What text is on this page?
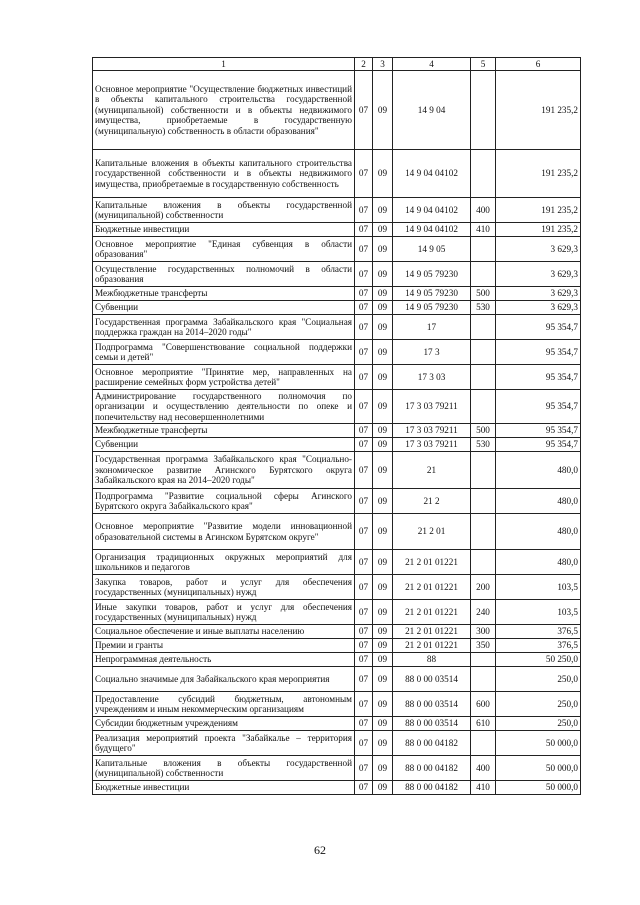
1	2	3	4	5	6
Основное мероприятие "Осуществление бюджетных инвестиций в объекты капитального строительства государственной (муниципальной) собственности и в объекты недвижимого имущества, приобретаемые в государственную (муниципальную) собственность в области образования"	07	09	14 9 04		191 235,2
Капитальные вложения в объекты капитального строительства государственной собственности и в объекты недвижимого имущества, приобретаемые в государственную собственность	07	09	14 9 04 04102		191 235,2
Капитальные вложения в объекты государственной (муниципальной) собственности	07	09	14 9 04 04102	400	191 235,2
Бюджетные инвестиции	07	09	14 9 04 04102	410	191 235,2
Основное мероприятие "Единая субвенция в области образования"	07	09	14 9 05		3 629,3
Осуществление государственных полномочий в области образования	07	09	14 9 05 79230		3 629,3
Межбюджетные трансферты	07	09	14 9 05 79230	500	3 629,3
Субвенции	07	09	14 9 05 79230	530	3 629,3
Государственная программа Забайкальского края "Социальная поддержка граждан на 2014–2020 годы"	07	09	17		95 354,7
Подпрограмма "Совершенствование социальной поддержки семьи и детей"	07	09	17 3		95 354,7
Основное мероприятие "Принятие мер, направленных на расширение семейных форм устройства детей"	07	09	17 3 03		95 354,7
Администрирование государственного полномочия по организации и осуществлению деятельности по опеке и попечительству над несовершеннолетними	07	09	17 3 03 79211		95 354,7
Межбюджетные трансферты	07	09	17 3 03 79211	500	95 354,7
Субвенции	07	09	17 3 03 79211	530	95 354,7
Государственная программа Забайкальского края "Социально-экономическое развитие Агинского Бурятского округа Забайкальского края на 2014–2020 годы"	07	09	21		480,0
Подпрограмма "Развитие социальной сферы Агинского Бурятского округа Забайкальского края"	07	09	21 2		480,0
Основное мероприятие "Развитие модели инновационной образовательной системы в Агинском Бурятском округе"	07	09	21 2 01		480,0
Организация традиционных окружных мероприятий для школьников и педагогов	07	09	21 2 01 01221		480,0
Закупка товаров, работ и услуг для обеспечения государственных (муниципальных) нужд	07	09	21 2 01 01221	200	103,5
Иные закупки товаров, работ и услуг для обеспечения государственных (муниципальных) нужд	07	09	21 2 01 01221	240	103,5
Социальное обеспечение и иные выплаты населению	07	09	21 2 01 01221	300	376,5
Премии и гранты	07	09	21 2 01 01221	350	376,5
Непрограммная деятельность	07	09	88		50 250,0
Социально значимые для Забайкальского края мероприятия	07	09	88 0 00 03514		250,0
Предоставление субсидий бюджетным, автономным учреждениям и иным некоммерческим организациям	07	09	88 0 00 03514	600	250,0
Субсидии бюджетным учреждениям	07	09	88 0 00 03514	610	250,0
Реализация мероприятий проекта "Забайкалье – территория будущего"	07	09	88 0 00 04182		50 000,0
Капитальные вложения в объекты государственной (муниципальной) собственности	07	09	88 0 00 04182	400	50 000,0
Бюджетные инвестиции	07	09	88 0 00 04182	410	50 000,0
62
